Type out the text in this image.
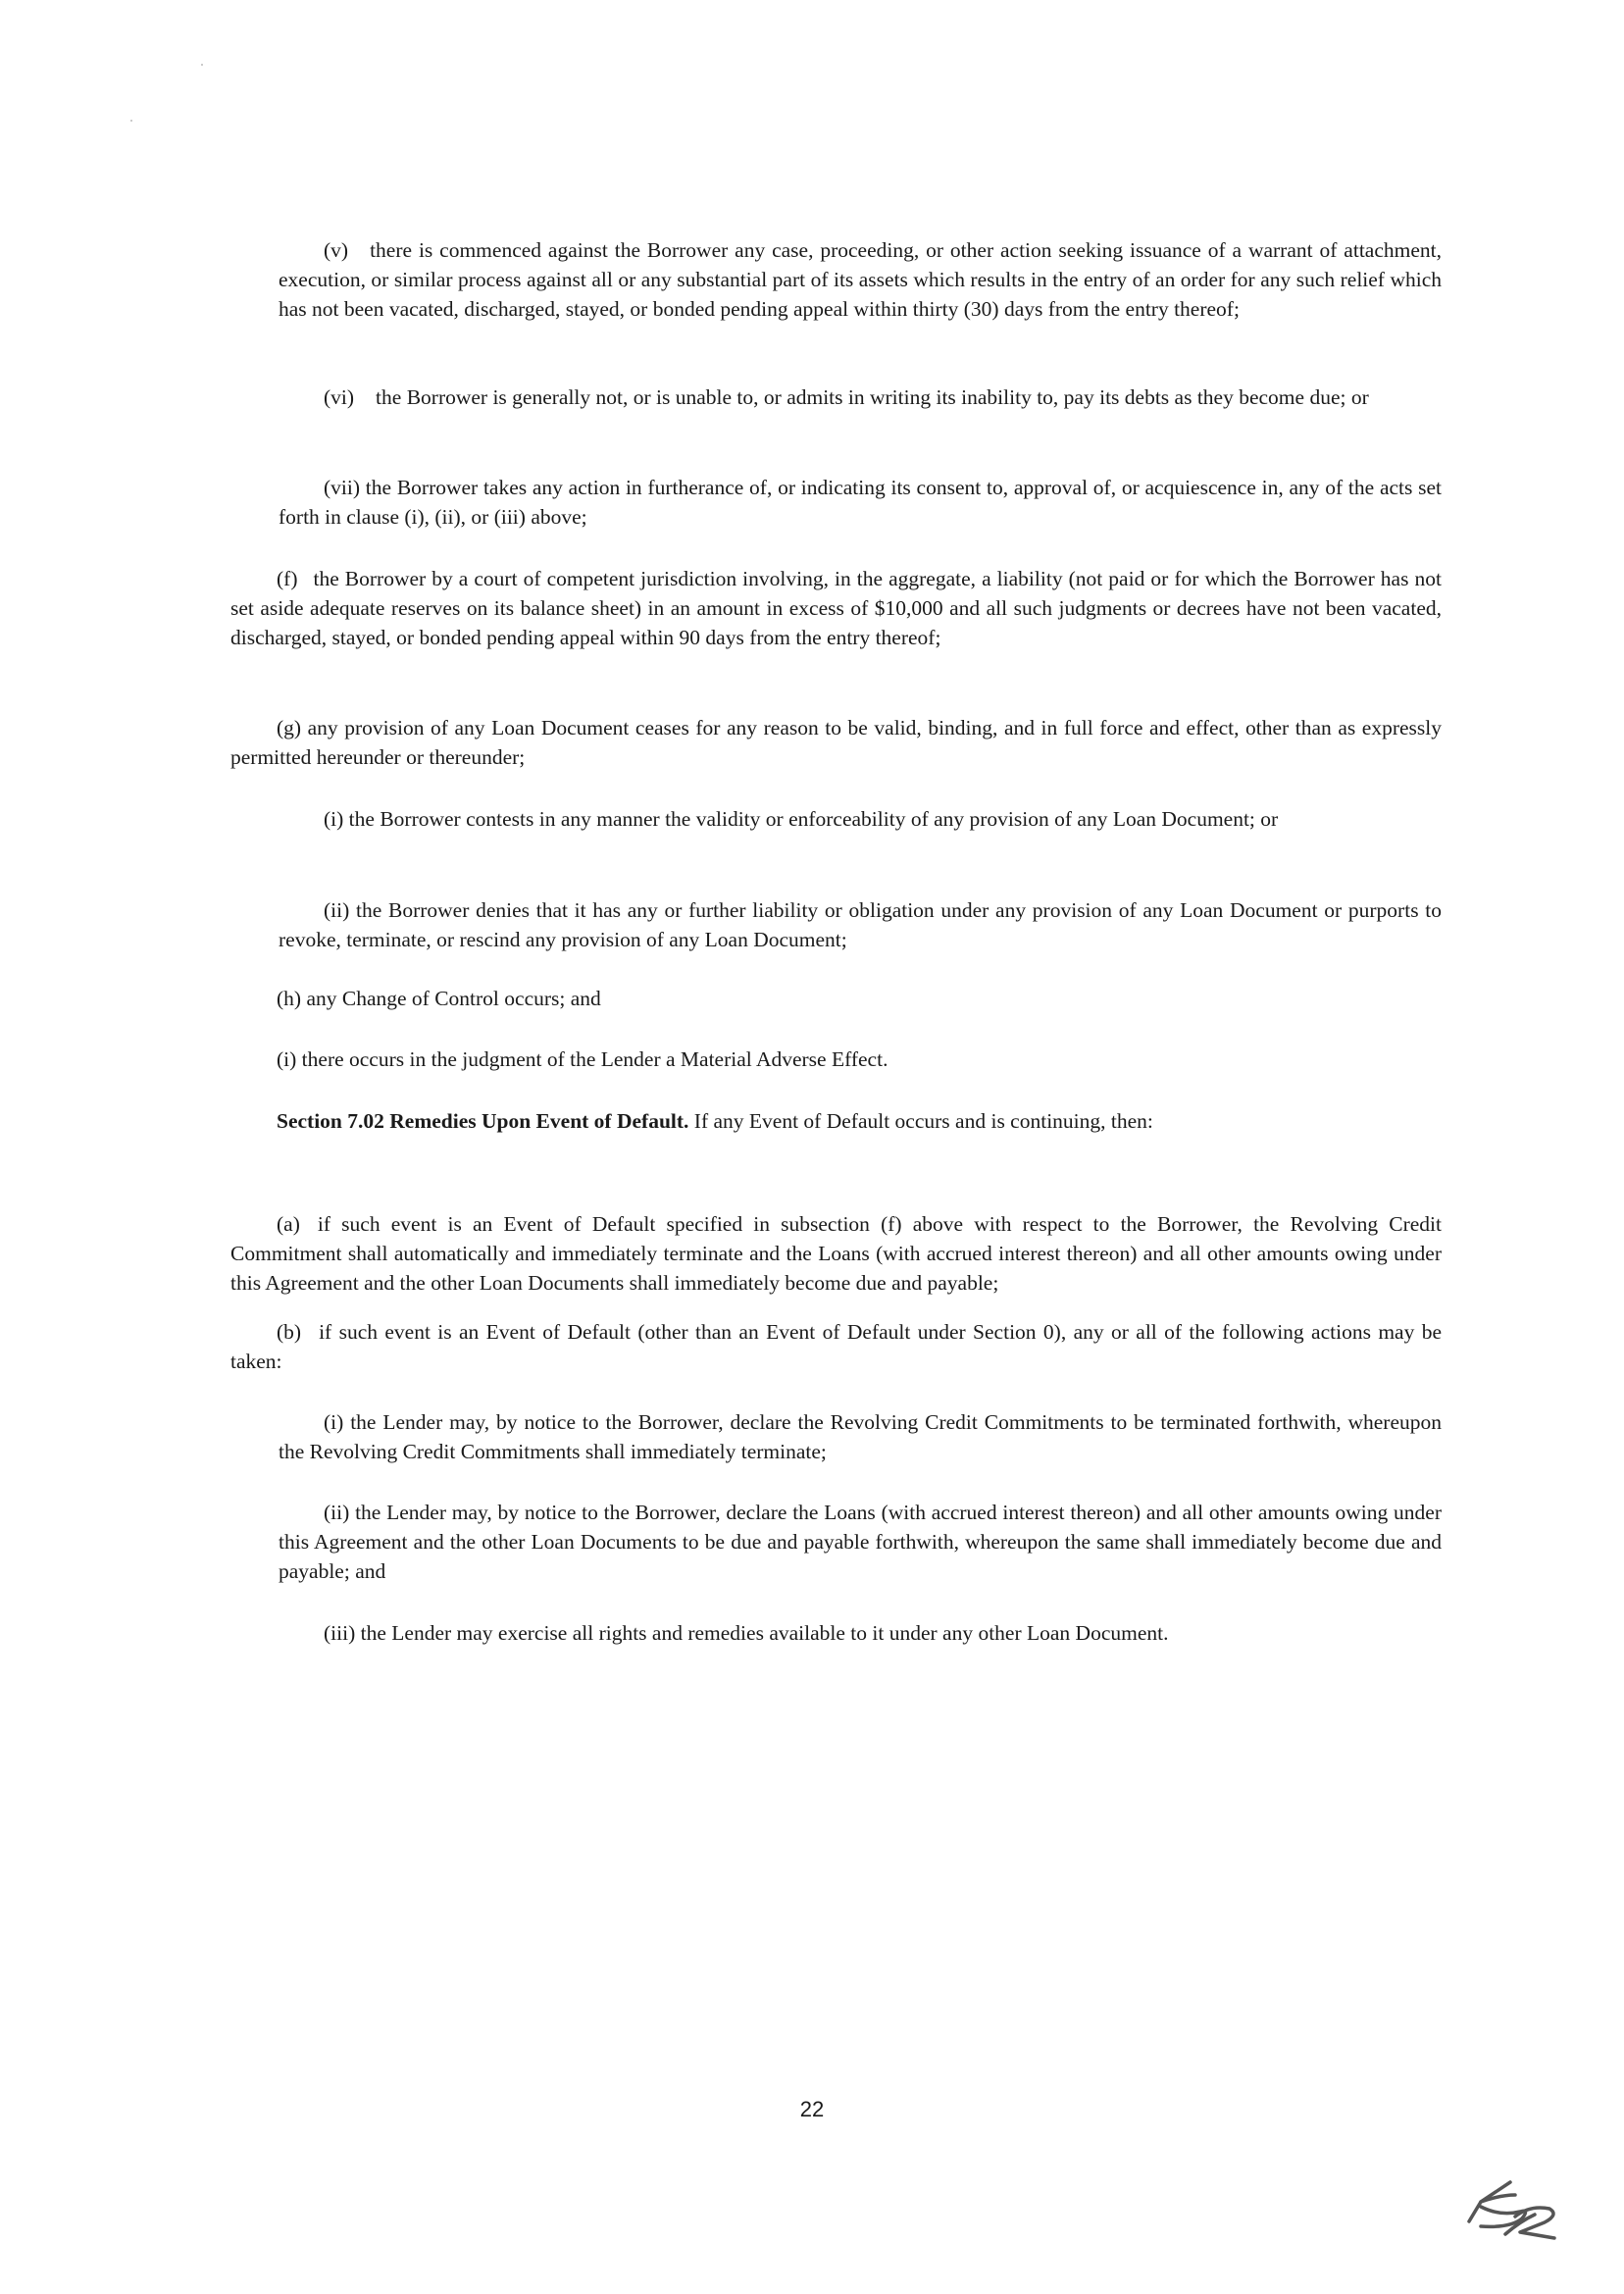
(v) there is commenced against the Borrower any case, proceeding, or other action seeking issuance of a warrant of attachment, execution, or similar process against all or any substantial part of its assets which results in the entry of an order for any such relief which has not been vacated, discharged, stayed, or bonded pending appeal within thirty (30) days from the entry thereof;

(vi) the Borrower is generally not, or is unable to, or admits in writing its inability to, pay its debts as they become due; or

(vii) the Borrower takes any action in furtherance of, or indicating its consent to, approval of, or acquiescence in, any of the acts set forth in clause (i), (ii), or (iii) above;

(f) the Borrower by a court of competent jurisdiction involving, in the aggregate, a liability (not paid or for which the Borrower has not set aside adequate reserves on its balance sheet) in an amount in excess of $10,000 and all such judgments or decrees have not been vacated, discharged, stayed, or bonded pending appeal within 90 days from the entry thereof;

(g) any provision of any Loan Document ceases for any reason to be valid, binding, and in full force and effect, other than as expressly permitted hereunder or thereunder;

(i) the Borrower contests in any manner the validity or enforceability of any provision of any Loan Document; or

(ii) the Borrower denies that it has any or further liability or obligation under any provision of any Loan Document or purports to revoke, terminate, or rescind any provision of any Loan Document;

(h) any Change of Control occurs; and

(i) there occurs in the judgment of the Lender a Material Adverse Effect.

Section 7.02 Remedies Upon Event of Default. If any Event of Default occurs and is continuing, then:

(a) if such event is an Event of Default specified in subsection (f) above with respect to the Borrower, the Revolving Credit Commitment shall automatically and immediately terminate and the Loans (with accrued interest thereon) and all other amounts owing under this Agreement and the other Loan Documents shall immediately become due and payable;

(b) if such event is an Event of Default (other than an Event of Default under Section 0), any or all of the following actions may be taken:

(i) the Lender may, by notice to the Borrower, declare the Revolving Credit Commitments to be terminated forthwith, whereupon the Revolving Credit Commitments shall immediately terminate;

(ii) the Lender may, by notice to the Borrower, declare the Loans (with accrued interest thereon) and all other amounts owing under this Agreement and the other Loan Documents to be due and payable forthwith, whereupon the same shall immediately become due and payable; and

(iii) the Lender may exercise all rights and remedies available to it under any other Loan Document.

22
